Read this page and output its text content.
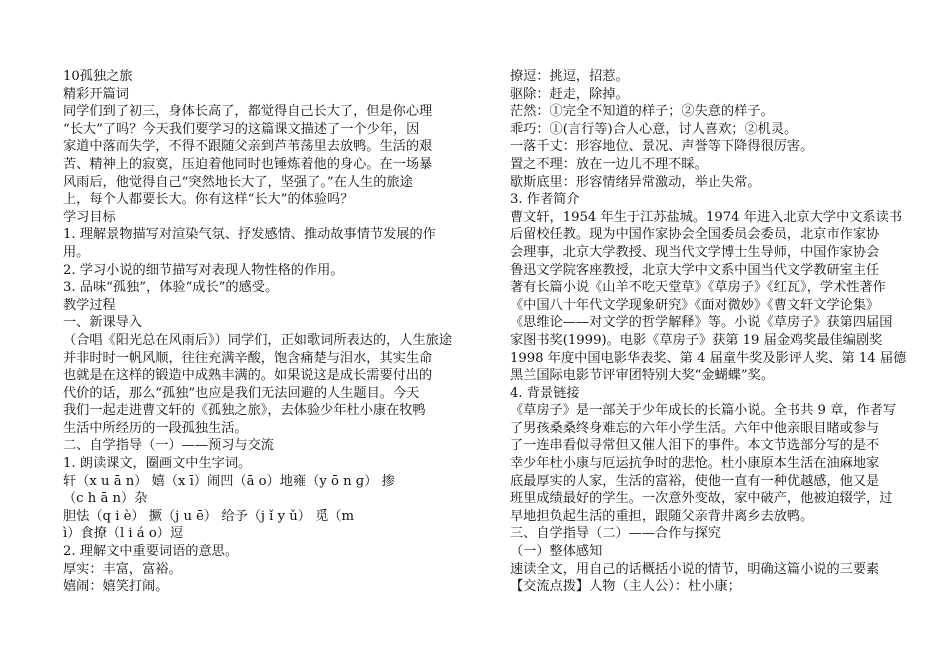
10孤独之旅
精彩开篇词
同学们到了初三，身体长高了，都觉得自己长大了，但是你心理
“长大”了吗？今天我们要学习的这篇课文描述了一个少年，因
家道中落而失学，不得不跟随父亲到芦苇荡里去放鸭。生活的艰
苦、精神上的寂寞，压迫着他同时也锤炼着他的身心。在一场暴
风雨后，他觉得自己“突然地长大了，坚强了。”在人生的旅途
上，每个人都要长大。你有这样“长大”的体验吗？
学习目标
1. 理解景物描写对渲染气氛、抒发感情、推动故事情节发展的作
用。
2. 学习小说的细节描写对表现人物性格的作用。
3. 品味“孤独”，体验“成长”的感受。
教学过程
一、新课导入
（合唱《阳光总在风雨后》）同学们，正如歌词所表达的，人生旅途
并非时时一帆风顺，往往充满辛酸，饱含痛楚与泪水，其实生命
也就是在这样的锻造中成熟丰满的。如果说这是成长需要付出的
代价的话，那么“孤独”也应是我们无法回避的人生题目。今天
我们一起走进曹文轩的《孤独之旅》，去体验少年杜小康在牧鸭
生活中所经历的一段孤独生活。
二、自学指导（一）——预习与交流
1. 朗读课文，圈画文中生字词。
轩（x u ā n） 嬉（x ī）闹凹（ā o）地雍（y ō n ɡ） 掺
（c h ā n）杂
胆怯（q i è） 撅（j u ē） 给予（j ǐ y ǔ） 觅（m
ì）食撩（l i á o）逗
2. 理解文中重要词语的意思。
厚实：丰富，富裕。
嬉闹：嬉笑打闹。
撩逗：挑逗，招惹。
驱除：赶走，除掉。
茫然：①完全不知道的样子；②失意的样子。
乖巧：①(言行等)合人心意，讨人喜欢；②机灵。
一落千丈：形容地位、景况、声誉等下降得很厉害。
置之不理：放在一边儿不理不睬。
歇斯底里：形容情绪异常激动，举止失常。
3. 作者简介
曹文轩，1954 年生于江苏盐城。1974 年进入北京大学中文系读书
后留校任教。现为中国作家协会全国委员会委员，北京市作家协
会理事，北京大学教授、现当代文学博士生导师，中国作家协会
鲁迅文学院客座教授，北京大学中文系中国当代文学教研室主任
著有长篇小说《山羊不吃天堂草》《草房子》《红瓦》，学术性著作
《中国八十年代文学现象研究》《面对微妙》《曹文轩文学论集》
《思维论——对文学的哲学解释》等。小说《草房子》获第四届国
家图书奖(1999)。电影《草房子》获第 19 届金鸡奖最佳编剧奖
1998 年度中国电影华表奖、第 4 届童牛奖及影评人奖、第 14 届德
黑兰国际电影节评审团特别大奖“金蝴蝶”奖。
4. 背景链接
《草房子》是一部关于少年成长的长篇小说。全书共 9 章，作者写
了男孩桑桑终身难忘的六年小学生活。六年中他亲眼目睹或参与
了一连串看似寻常但又催人泪下的事件。本文节选部分写的是不
幸少年杜小康与厄运抗争时的悲怆。杜小康原本生活在油麻地家
底最厚实的人家，生活的富裕，使他一直有一种优越感，他又是
班里成绩最好的学生。一次意外变故，家中破产，他被迫辍学，过
早地担负起生活的重担，跟随父亲背井离乡去放鸭。
三、自学指导（二）——合作与探究
（一）整体感知
速读全文，用自己的话概括小说的情节，明确这篇小说的三要素
【交流点拨】人物（主人公）：杜小康；
